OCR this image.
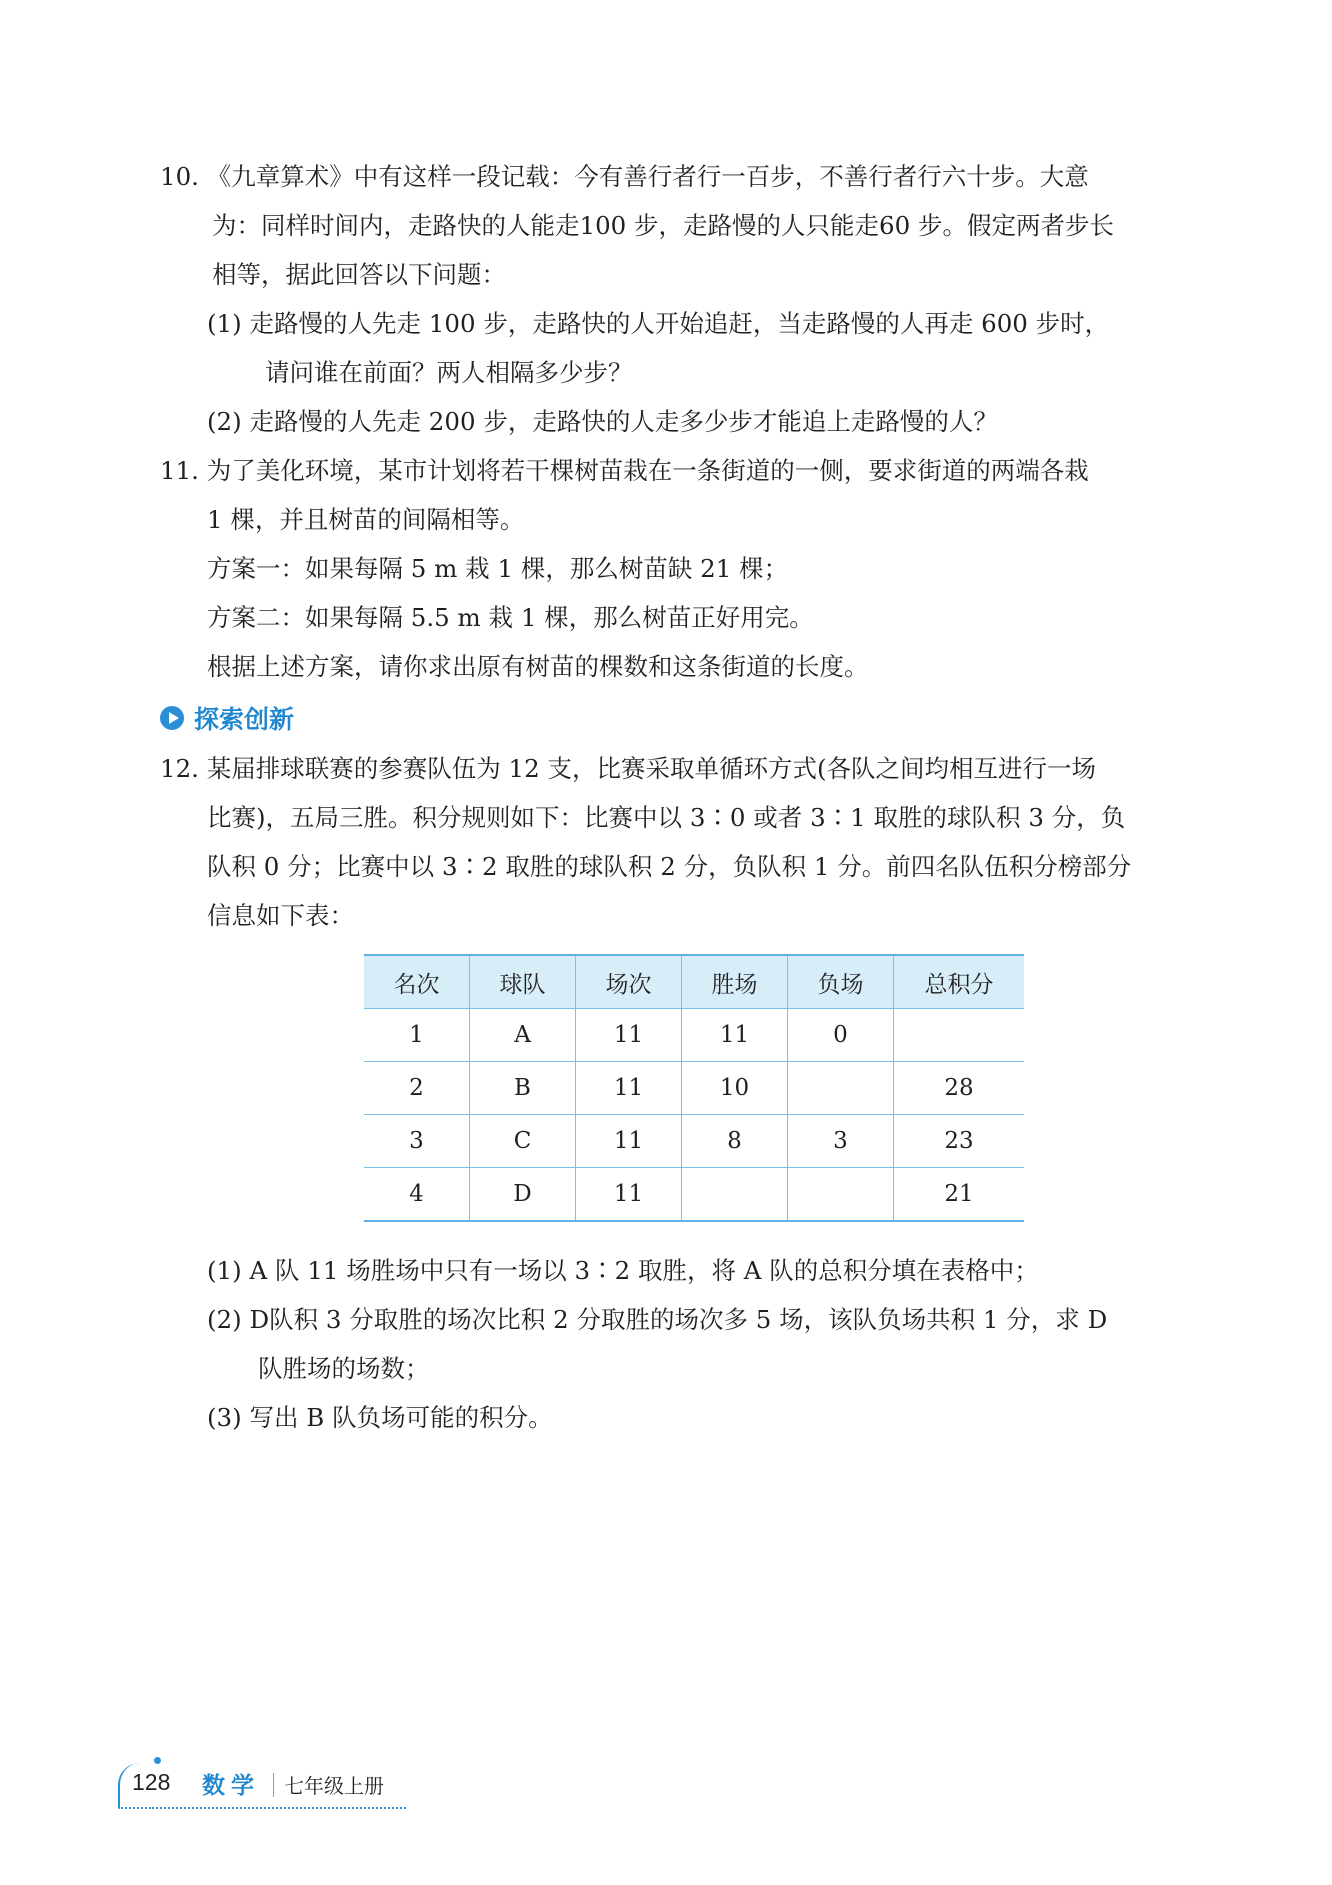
10. 《九章算术》中有这样一段记载：今有善行者行一百步，不善行者行六十步。大意
为：同样时间内，走路快的人能走100 步，走路慢的人只能走60 步。假定两者步长
相等，据此回答以下问题：
(1) 走路慢的人先走 100 步，走路快的人开始追赶，当走路慢的人再走 600 步时，
请问谁在前面？两人相隔多少步？
(2) 走路慢的人先走 200 步，走路快的人走多少步才能追上走路慢的人？
11. 为了美化环境，某市计划将若干棵树苗栽在一条街道的一侧，要求街道的两端各栽
1 棵，并且树苗的间隔相等。
方案一：如果每隔 5 m 栽 1 棵，那么树苗缺 21 棵；
方案二：如果每隔 5.5 m 栽 1 棵，那么树苗正好用完。
根据上述方案，请你求出原有树苗的棵数和这条街道的长度。
探索创新
12. 某届排球联赛的参赛队伍为 12 支，比赛采取单循环方式(各队之间均相互进行一场
比赛)，五局三胜。积分规则如下：比赛中以 3∶0 或者 3∶1 取胜的球队积 3 分，负
队积 0 分；比赛中以 3∶2 取胜的球队积 2 分，负队积 1 分。前四名队伍积分榜部分
信息如下表：
名次	球队	场次	胜场	负场	总积分
1	A	11	11	0	
2	B	11	10		28
3	C	11	8	3	23
4	D	11			21
(1) A 队 11 场胜场中只有一场以 3∶2 取胜，将 A 队的总积分填在表格中；
(2) D队积 3 分取胜的场次比积 2 分取胜的场次多 5 场，该队负场共积 1 分，求 D
队胜场的场数；
(3) 写出 B 队负场可能的积分。
128 数学 七年级上册
